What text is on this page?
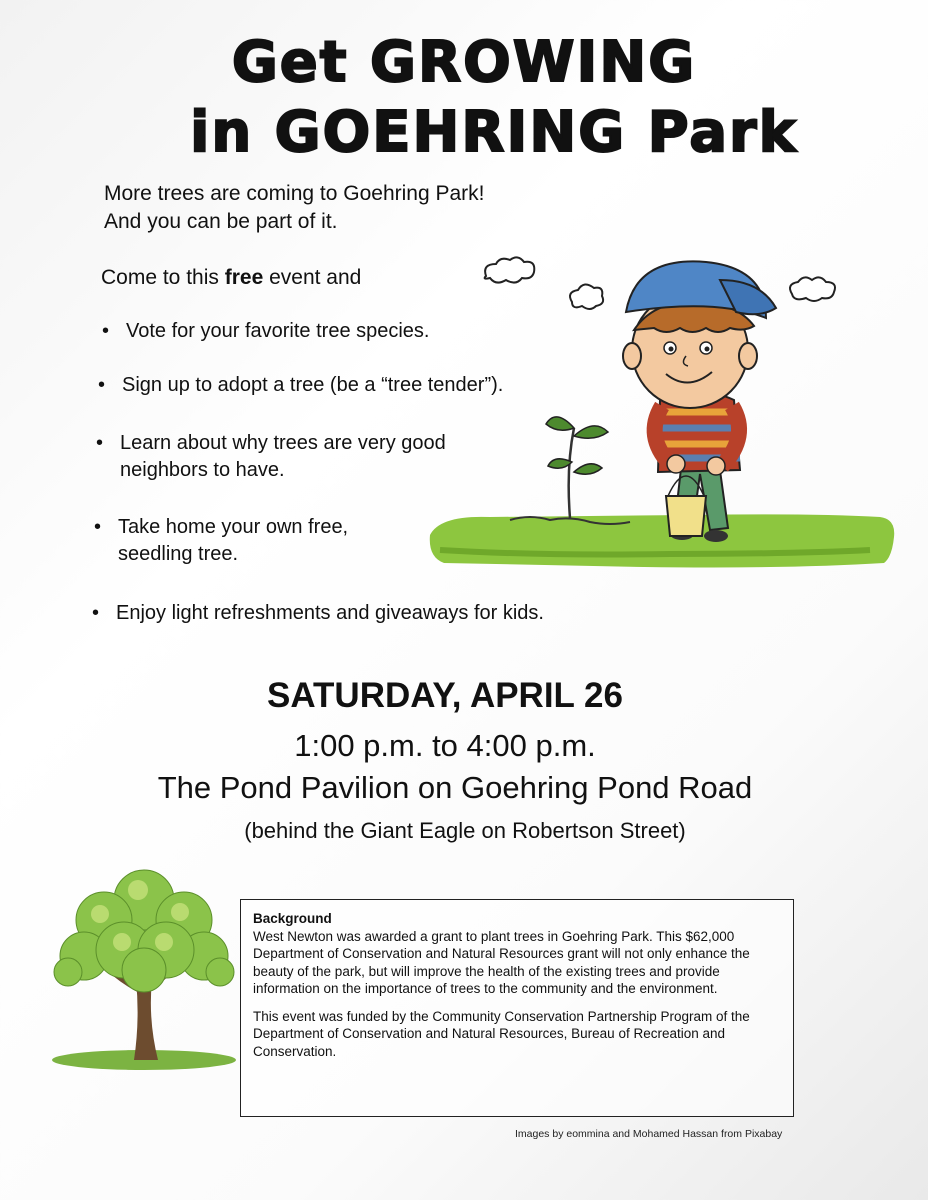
Get GROWING
in GOEHRING Park
More trees are coming to Goehring Park!
And you can be part of it.
Come to this free event and
• Vote for your favorite tree species.
• Sign up to adopt a tree (be a “tree tender”).
• Learn about why trees are very good
neighbors to have.
• Take home your own free,
seedling tree.
• Enjoy light refreshments and giveaways for kids.
SATURDAY, APRIL 26
1:00 p.m. to 4:00 p.m.
The Pond Pavilion on Goehring Pond Road
(behind the Giant Eagle on Robertson Street)
Background

West Newton was awarded a grant to plant trees in Goehring Park. This $62,000 Department of Conservation and Natural Resources grant will not only enhance the beauty of the park, but will improve the health of the existing trees and provide information on the importance of trees to the community and the environment.

This event was funded by the Community Conservation Partnership Program of the Department of Conservation and Natural Resources, Bureau of Recreation and Conservation.

Images by eommina and Mohamed Hassan from Pixabay
